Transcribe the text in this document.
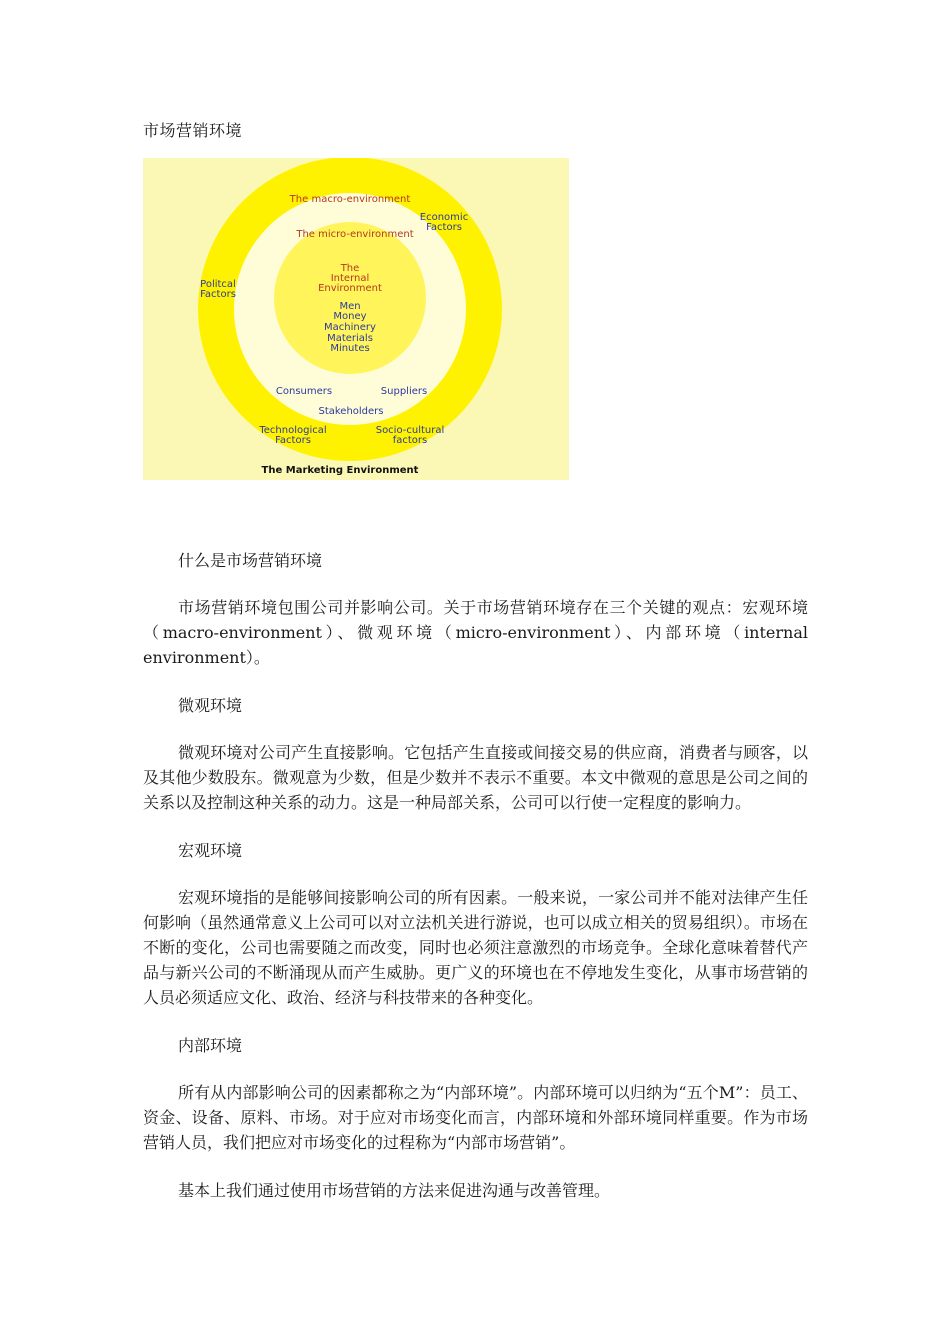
市场营销环境
The macro-environment
Economic
Factors
The micro-environment
Politcal
Factors
The
Internal
Environment
Men
Money
Machinery
Materials
Minutes
Consumers	Suppliers
Stakeholders
Technological
Factors
Socio-cultural
factors
The Marketing Environment

什么是市场营销环境

市场营销环境包围公司并影响公司。关于市场营销环境存在三个关键的观点：宏观环境（macro-environment）、微观环境（micro-environment）、内部环境（internal environment）。

微观环境

微观环境对公司产生直接影响。它包括产生直接或间接交易的供应商，消费者与顾客，以及其他少数股东。微观意为少数，但是少数并不表示不重要。本文中微观的意思是公司之间的关系以及控制这种关系的动力。这是一种局部关系，公司可以行使一定程度的影响力。

宏观环境

宏观环境指的是能够间接影响公司的所有因素。一般来说，一家公司并不能对法律产生任何影响（虽然通常意义上公司可以对立法机关进行游说，也可以成立相关的贸易组织）。市场在不断的变化，公司也需要随之而改变，同时也必须注意激烈的市场竞争。全球化意味着替代产品与新兴公司的不断涌现从而产生威胁。更广义的环境也在不停地发生变化，从事市场营销的人员必须适应文化、政治、经济与科技带来的各种变化。

内部环境

所有从内部影响公司的因素都称之为“内部环境”。内部环境可以归纳为“五个M”：员工、资金、设备、原料、市场。对于应对市场变化而言，内部环境和外部环境同样重要。作为市场营销人员，我们把应对市场变化的过程称为“内部市场营销”。

基本上我们通过使用市场营销的方法来促进沟通与改善管理。
